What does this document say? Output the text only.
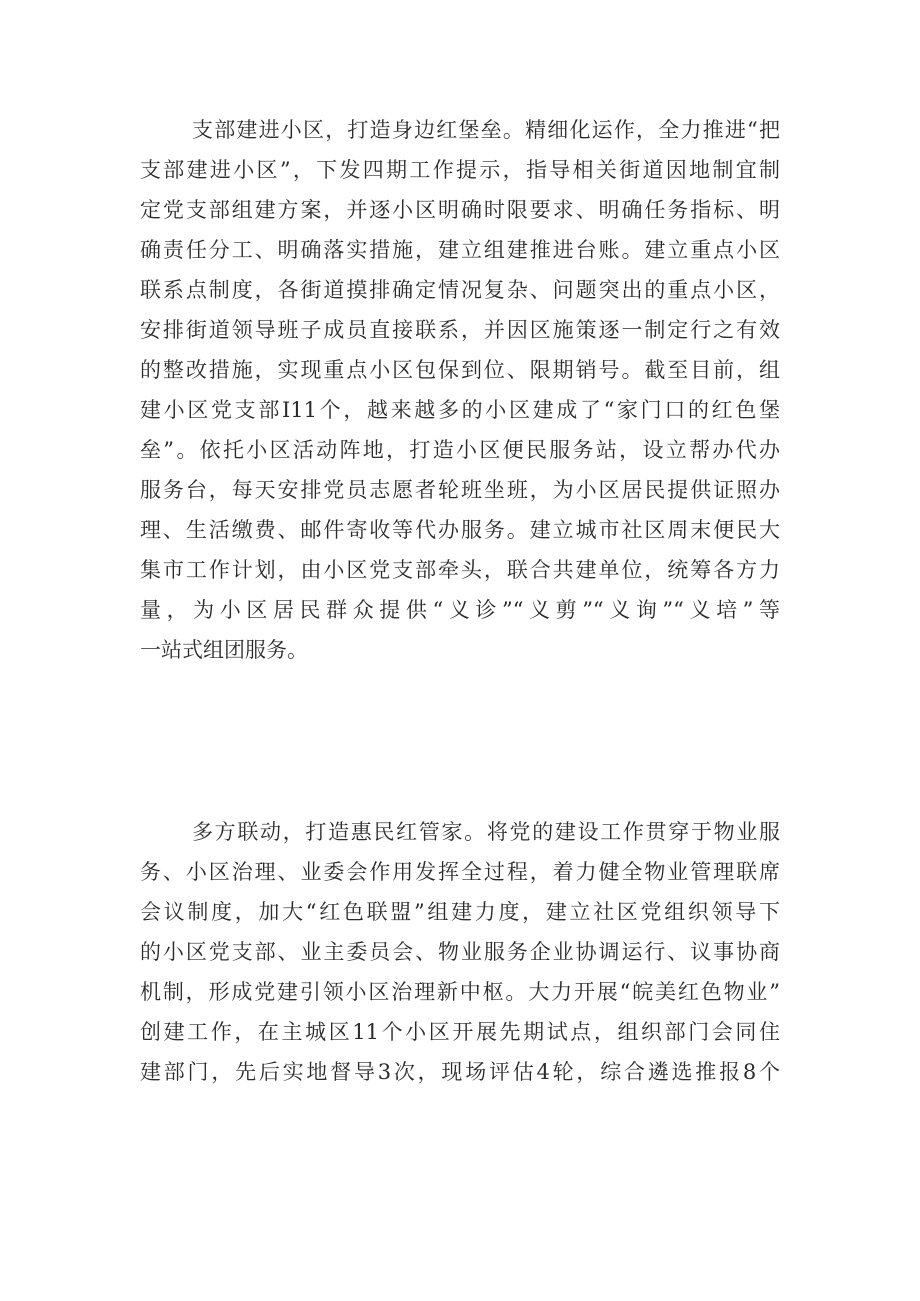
支部建进小区，打造身边红堡垒。精细化运作，全力推进“把
支部建进小区”，下发四期工作提示，指导相关街道因地制宜制
定党支部组建方案，并逐小区明确时限要求、明确任务指标、明
确责任分工、明确落实措施，建立组建推进台账。建立重点小区
联系点制度，各街道摸排确定情况复杂、问题突出的重点小区，
安排街道领导班子成员直接联系，并因区施策逐一制定行之有效
的整改措施，实现重点小区包保到位、限期销号。截至目前，组
建小区党支部I11个，越来越多的小区建成了“家门口的红色堡
垒”。依托小区活动阵地，打造小区便民服务站，设立帮办代办
服务台，每天安排党员志愿者轮班坐班，为小区居民提供证照办
理、生活缴费、邮件寄收等代办服务。建立城市社区周末便民大
集市工作计划，由小区党支部牵头，联合共建单位，统筹各方力
量，为小区居民群众提供“义诊”“义剪”“义询”“义培”等
一站式组团服务。
多方联动，打造惠民红管家。将党的建设工作贯穿于物业服
务、小区治理、业委会作用发挥全过程，着力健全物业管理联席
会议制度，加大“红色联盟”组建力度，建立社区党组织领导下
的小区党支部、业主委员会、物业服务企业协调运行、议事协商
机制，形成党建引领小区治理新中枢。大力开展“皖美红色物业”
创建工作，在主城区11个小区开展先期试点，组织部门会同住
建部门，先后实地督导3次，现场评估4轮，综合遴选推报8个
